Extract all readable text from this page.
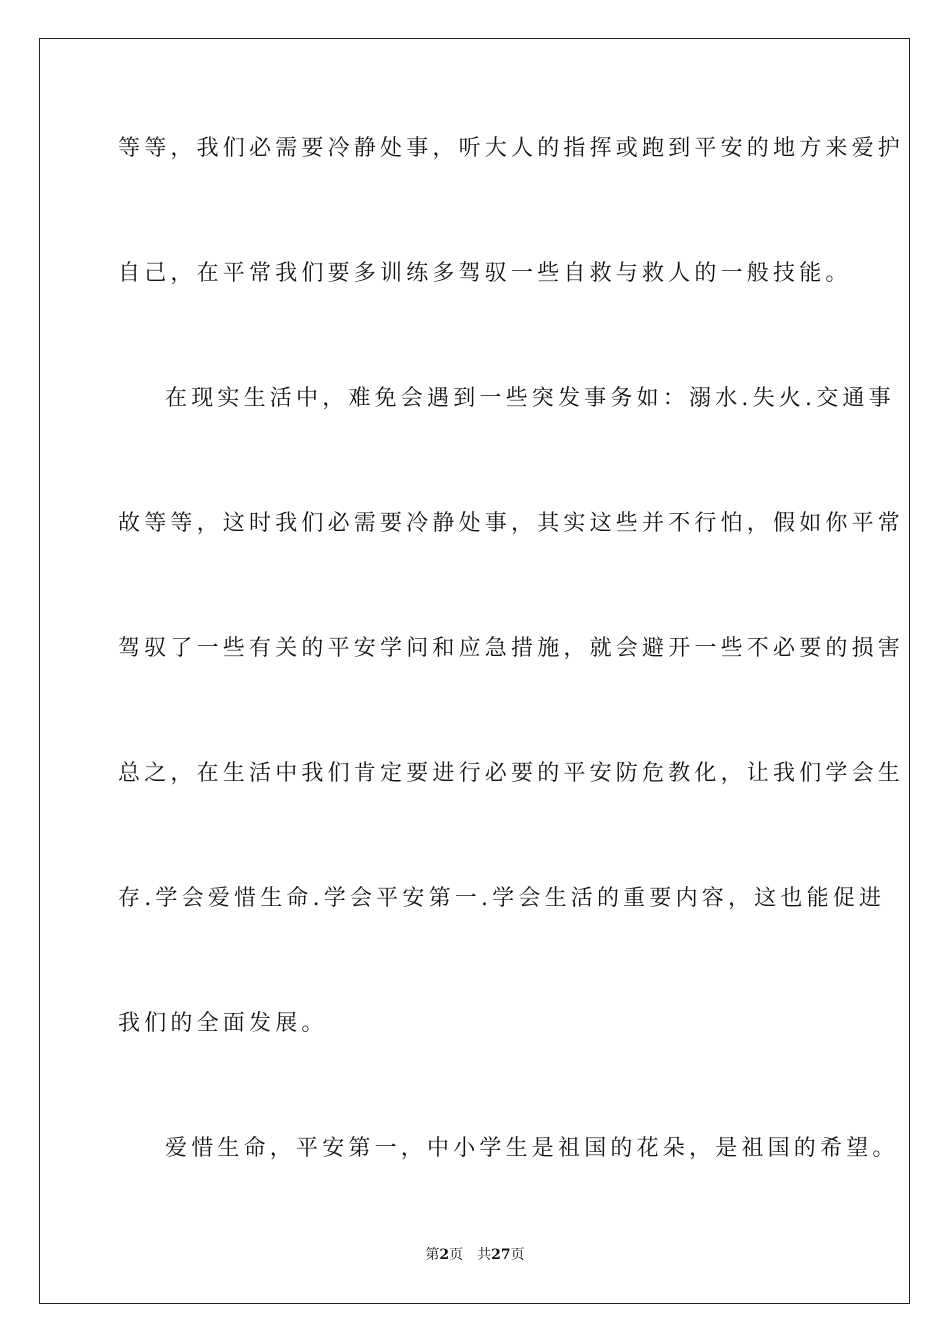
等等，我们必需要冷静处事，听大人的指挥或跑到平安的地方来爱护
自己，在平常我们要多训练多驾驭一些自救与救人的一般技能。
在现实生活中，难免会遇到一些突发事务如：溺水.失火.交通事
故等等，这时我们必需要冷静处事，其实这些并不行怕，假如你平常
驾驭了一些有关的平安学问和应急措施，就会避开一些不必要的损害
总之，在生活中我们肯定要进行必要的平安防危教化，让我们学会生
存.学会爱惜生命.学会平安第一.学会生活的重要内容，这也能促进
我们的全面发展。
爱惜生命，平安第一，中小学生是祖国的花朵，是祖国的希望。
第2页 共27页
